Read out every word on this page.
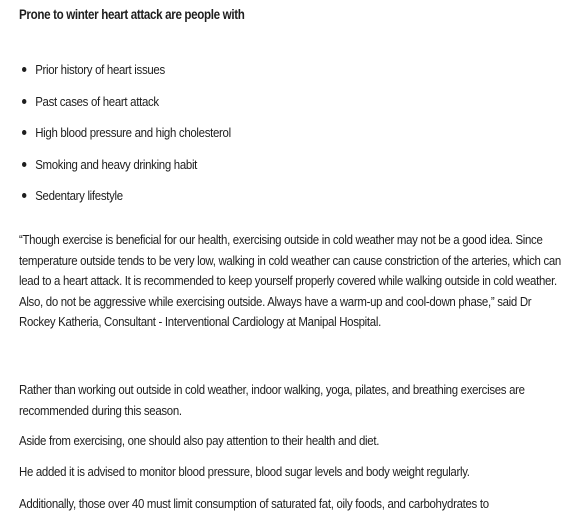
Prone to winter heart attack are people with
Prior history of heart issues
Past cases of heart attack
High blood pressure and high cholesterol
Smoking and heavy drinking habit
Sedentary lifestyle

“Though exercise is beneficial for our health, exercising outside in cold weather may not be a good idea. Since temperature outside tends to be very low, walking in cold weather can cause constriction of the arteries, which can lead to a heart attack. It is recommended to keep yourself properly covered while walking outside in cold weather. Also, do not be aggressive while exercising outside. Always have a warm-up and cool-down phase,” said Dr Rockey Katheria, Consultant - Interventional Cardiology at Manipal Hospital.

Rather than working out outside in cold weather, indoor walking, yoga, pilates, and breathing exercises are recommended during this season.

Aside from exercising, one should also pay attention to their health and diet.

He added it is advised to monitor blood pressure, blood sugar levels and body weight regularly.

Additionally, those over 40 must limit consumption of saturated fat, oily foods, and carbohydrates to
